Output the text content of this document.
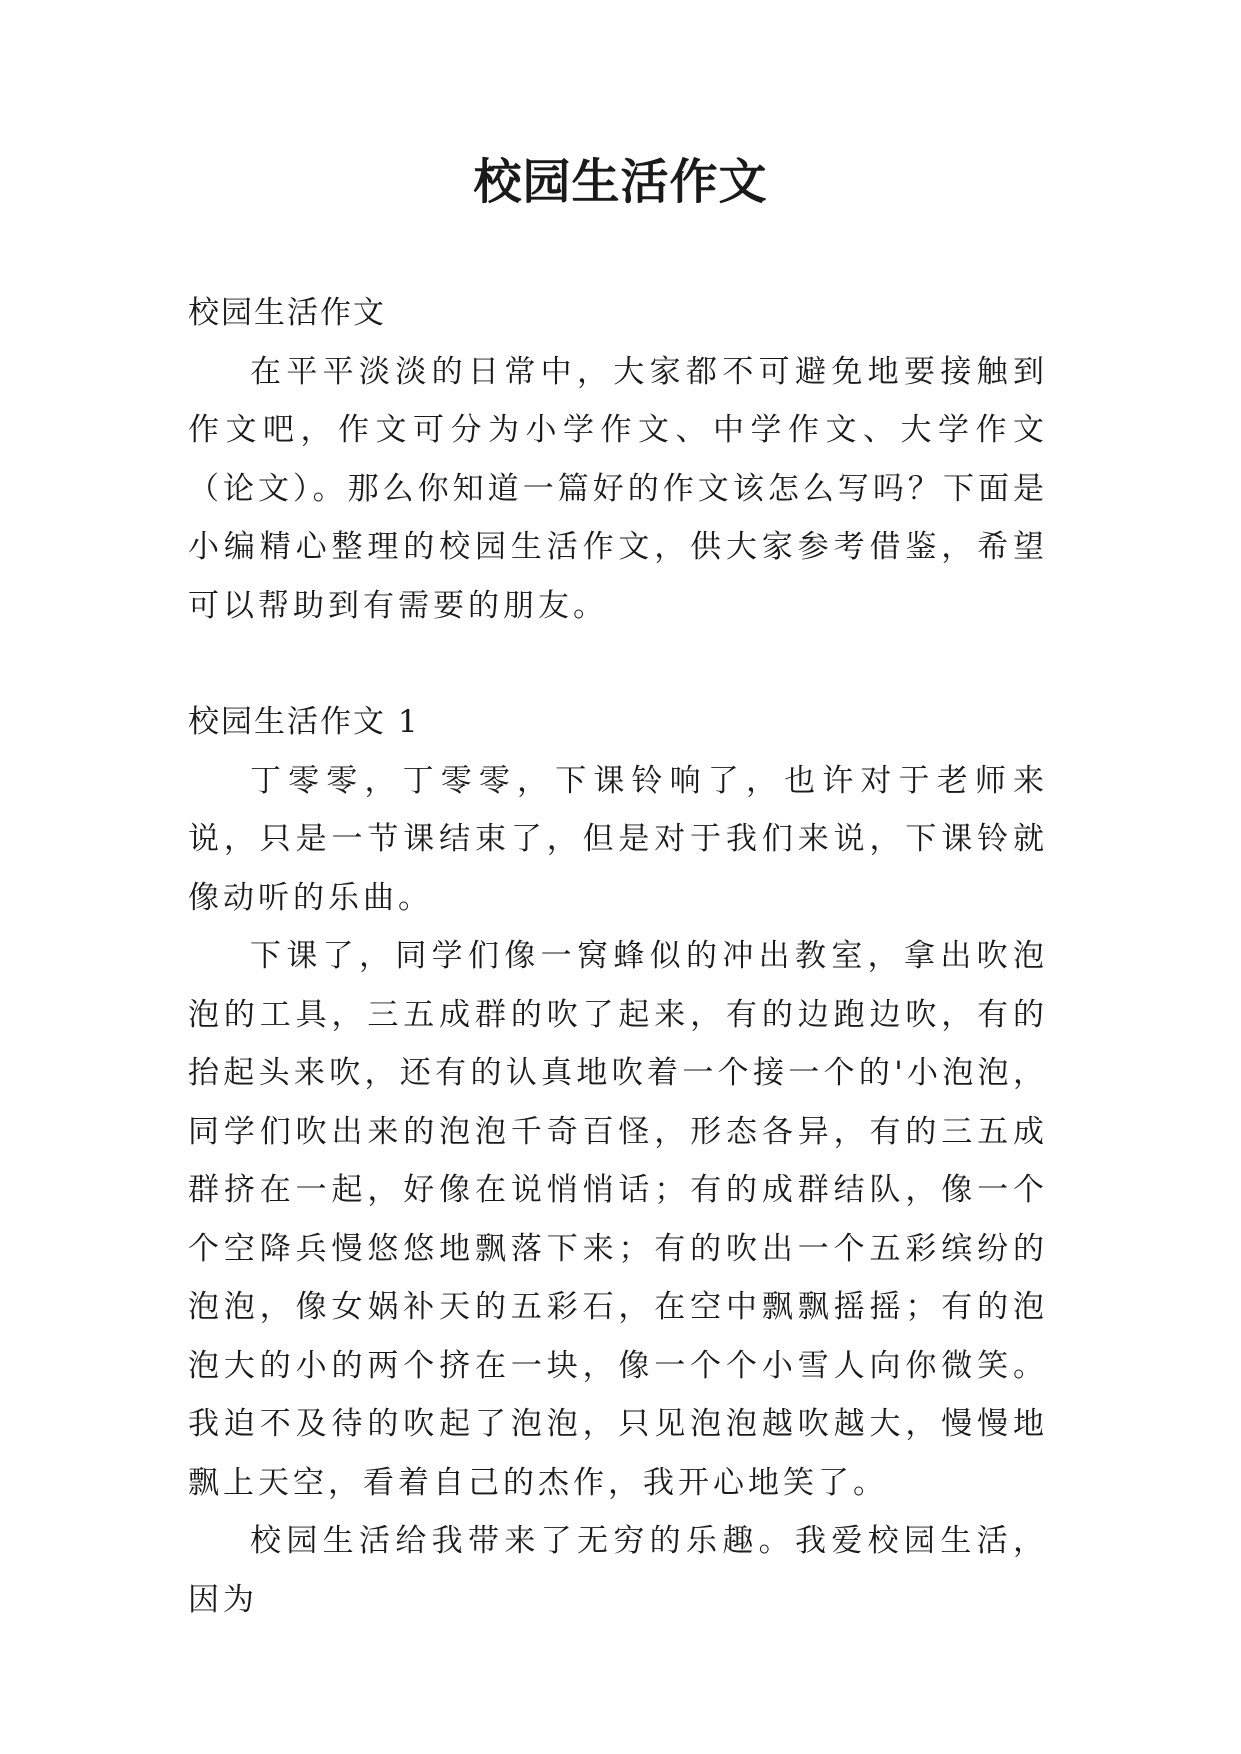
校园生活作文

校园生活作文

在平平淡淡的日常中，大家都不可避免地要接触到作文吧，作文可分为小学作文、中学作文、大学作文（论文）。那么你知道一篇好的作文该怎么写吗？下面是小编精心整理的校园生活作文，供大家参考借鉴，希望可以帮助到有需要的朋友。

校园生活作文 1

丁零零，丁零零，下课铃响了，也许对于老师来说，只是一节课结束了，但是对于我们来说，下课铃就像动听的乐曲。

下课了，同学们像一窝蜂似的冲出教室，拿出吹泡泡的工具，三五成群的吹了起来，有的边跑边吹，有的抬起头来吹，还有的认真地吹着一个接一个的'小泡泡，同学们吹出来的泡泡千奇百怪，形态各异，有的三五成群挤在一起，好像在说悄悄话；有的成群结队，像一个个空降兵慢悠悠地飘落下来；有的吹出一个五彩缤纷的泡泡，像女娲补天的五彩石，在空中飘飘摇摇；有的泡泡大的小的两个挤在一块，像一个个小雪人向你微笑。我迫不及待的吹起了泡泡，只见泡泡越吹越大，慢慢地飘上天空，看着自己的杰作，我开心地笑了。

校园生活给我带来了无穷的乐趣。我爱校园生活，因为
